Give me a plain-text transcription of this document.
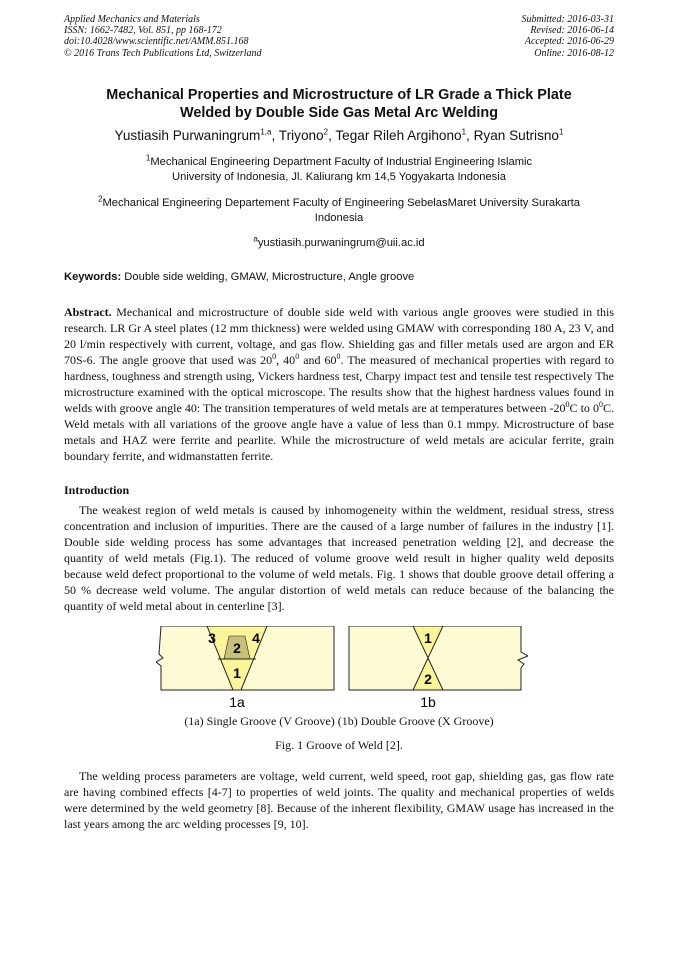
Applied Mechanics and Materials
ISSN: 1662-7482, Vol. 851, pp 168-172
doi:10.4028/www.scientific.net/AMM.851.168
© 2016 Trans Tech Publications Ltd, Switzerland
Submitted: 2016-03-31
Revised: 2016-06-14
Accepted: 2016-06-29
Online: 2016-08-12
Mechanical Properties and Microstructure of LR Grade a Thick Plate
Welded by Double Side Gas Metal Arc Welding
Yustiasih Purwaningrum$^{1,a}$, Triyono$^2$, Tegar Rileh Argihono$^1$, Ryan Sutrisno$^1$
$^1$Mechanical Engineering Department Faculty of Industrial Engineering Islamic
University of Indonesia, Jl. Kaliurang km 14,5 Yogyakarta Indonesia
$^2$Mechanical Engineering Departement Faculty of Engineering SebelasMaret University Surakarta
Indonesia
$^a$yustiasih.purwaningrum@uii.ac.id
Keywords: Double side welding, GMAW, Microstructure, Angle groove
Abstract. Mechanical and microstructure of double side weld with various angle grooves were studied in this research. LR Gr A steel plates (12 mm thickness) were welded using GMAW with corresponding 180 A, 23 V, and 20 l/min respectively with current, voltage, and gas flow. Shielding gas and filler metals used are argon and ER 70S-6. The angle groove that used was $20^0$, $40^0$ and $60^0$. The measured of mechanical properties with regard to hardness, toughness and strength using, Vickers hardness test, Charpy impact test and tensile test respectively The microstructure examined with the optical microscope. The results show that the highest hardness values found in welds with groove angle 40: The transition temperatures of weld metals are at temperatures between $-20^0C$ to $0^0C$. Weld metals with all variations of the groove angle have a value of less than 0.1 mmpy. Microstructure of base metals and HAZ were ferrite and pearlite. While the microstructure of weld metals are acicular ferrite, grain boundary ferrite, and widmanstatten ferrite.
Introduction
The weakest region of weld metals is caused by inhomogeneity within the weldment, residual stress, stress concentration and inclusion of impurities. There are the caused of a large number of failures in the industry [1]. Double side welding process has some advantages that increased penetration welding [2], and decrease the quantity of weld metals (Fig.1). The reduced of volume groove weld result in higher quality weld deposits because weld defect proportional to the volume of weld metals. Fig. 1 shows that double groove detail offering a 50 % decrease weld volume. The angular distortion of weld metals can reduce because of the balancing the quantity of weld metal about in centerline [3].
3
2
4
1
1a
1
2
1b
(1a) Single Groove (V Groove) (1b) Double Groove (X Groove)
Fig. 1 Groove of Weld [2].
The welding process parameters are voltage, weld current, weld speed, root gap, shielding gas, gas flow rate are having combined effects [4-7] to properties of weld joints. The quality and mechanical properties of welds were determined by the weld geometry [8]. Because of the inherent flexibility, GMAW usage has increased in the last years among the arc welding processes [9, 10].
